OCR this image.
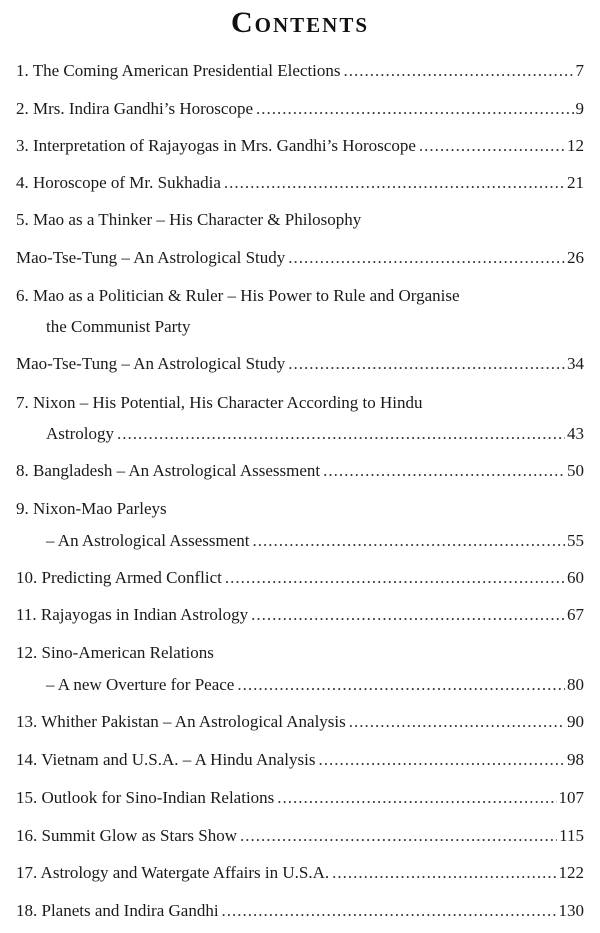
Contents
1. The Coming American Presidential Elections .....	7
2. Mrs. Indira Gandhi’s Horoscope .....	9
3. Interpretation of Rajayogas in Mrs. Gandhi’s Horoscope .....	12
4. Horoscope of Mr. Sukhadia .....	21
5. Mao as a Thinker – His Character & Philosophy
Mao-Tse-Tung – An Astrological Study .....	26
6. Mao as a Politician & Ruler – His Power to Rule and Organise
the Communist Party
Mao-Tse-Tung – An Astrological Study .....	34
7. Nixon – His Potential, His Character According to Hindu
Astrology .....	43
8. Bangladesh – An Astrological Assessment .....	50
9. Nixon-Mao Parleys
– An Astrological Assessment .....	55
10. Predicting Armed Conflict .....	60
11. Rajayogas in Indian Astrology .....	67
12. Sino-American Relations
– A new Overture for Peace .....	80
13. Whither Pakistan – An Astrological Analysis .....	90
14. Vietnam and U.S.A. – A Hindu Analysis .....	98
15. Outlook for Sino-Indian Relations .....	107
16. Summit Glow as Stars Show .....	115
17. Astrology and Watergate Affairs in U.S.A. .....	122
18. Planets and Indira Gandhi .....	130
